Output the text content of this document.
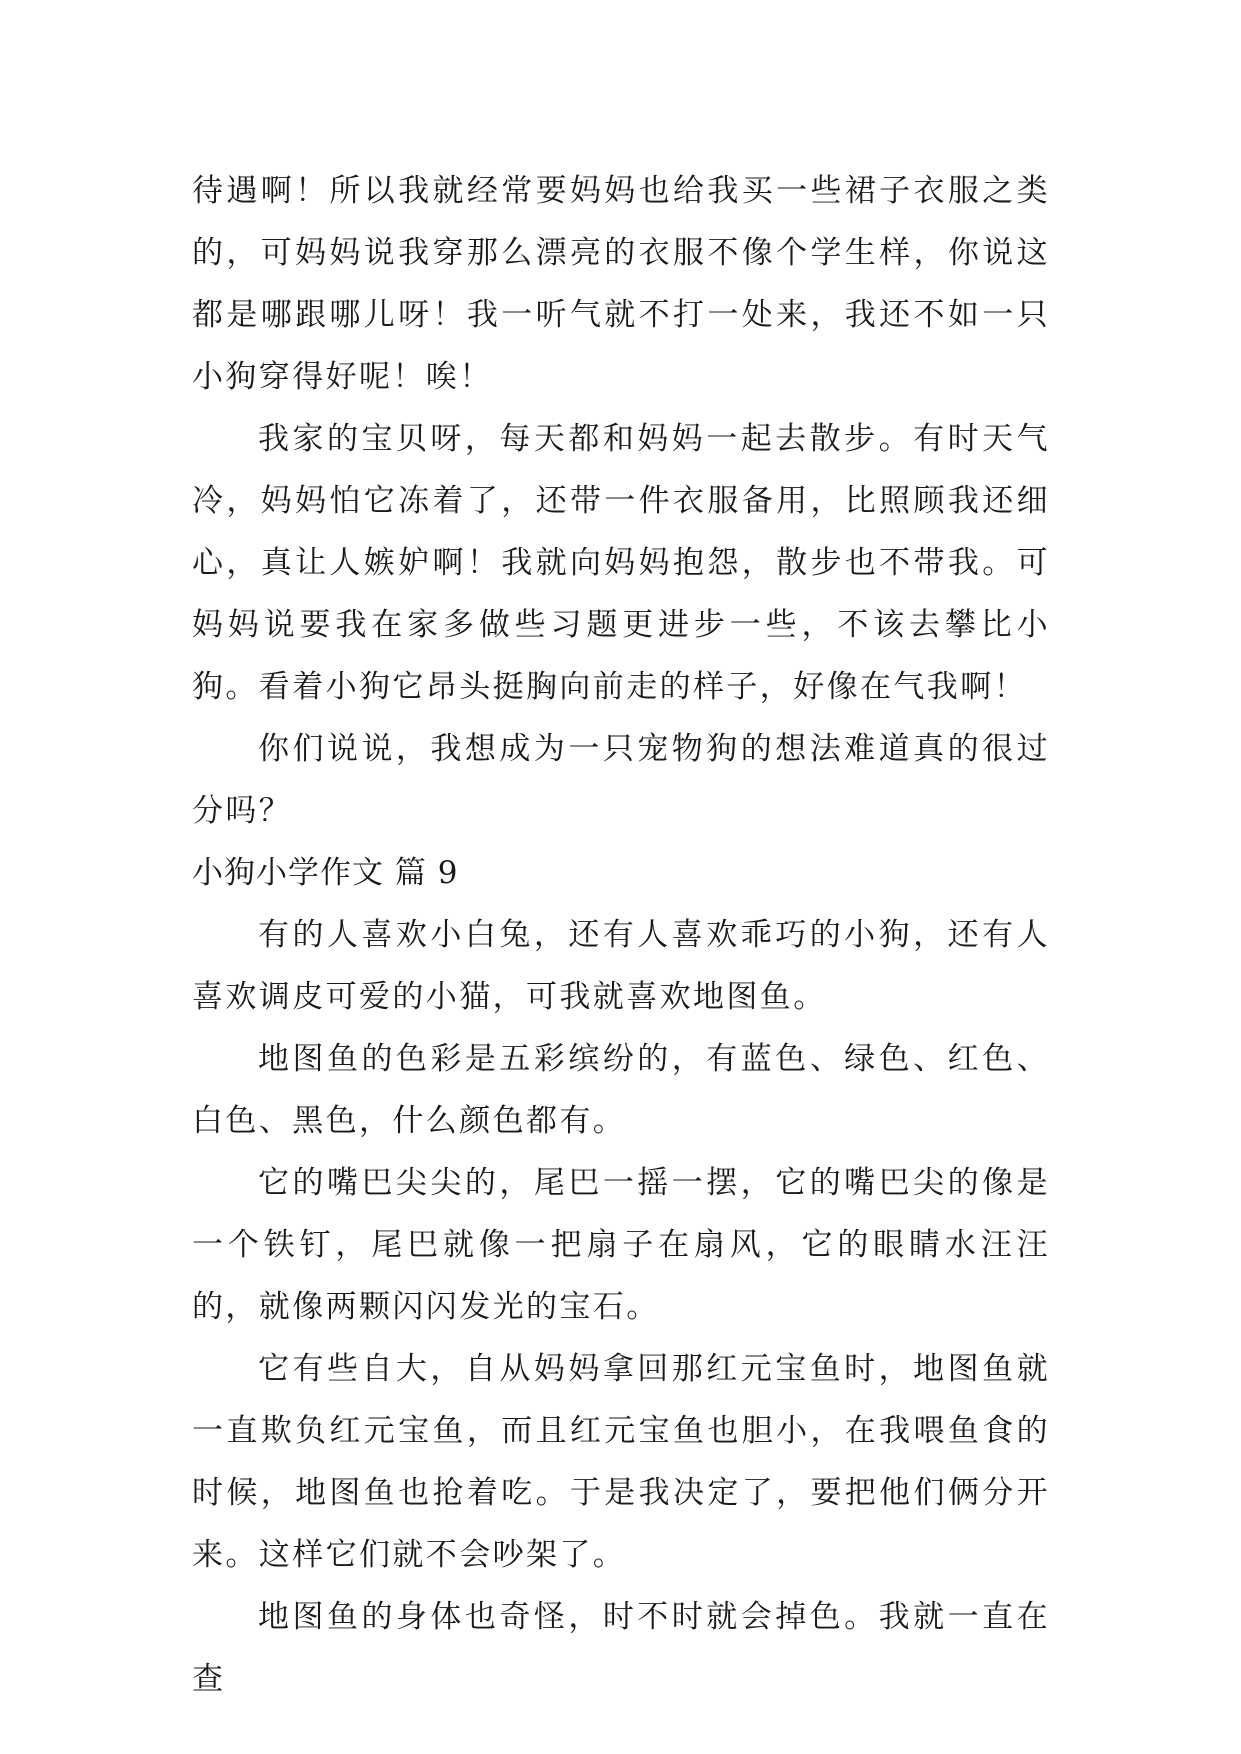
待遇啊！所以我就经常要妈妈也给我买一些裙子衣服之类的，可妈妈说我穿那么漂亮的衣服不像个学生样，你说这都是哪跟哪儿呀！我一听气就不打一处来，我还不如一只小狗穿得好呢！唉！

我家的宝贝呀，每天都和妈妈一起去散步。有时天气冷，妈妈怕它冻着了，还带一件衣服备用，比照顾我还细心，真让人嫉妒啊！我就向妈妈抱怨，散步也不带我。可妈妈说要我在家多做些习题更进步一些，不该去攀比小狗。看着小狗它昂头挺胸向前走的样子，好像在气我啊！

你们说说，我想成为一只宠物狗的想法难道真的很过分吗？

小狗小学作文 篇 9

有的人喜欢小白兔，还有人喜欢乖巧的小狗，还有人喜欢调皮可爱的小猫，可我就喜欢地图鱼。

地图鱼的色彩是五彩缤纷的，有蓝色、绿色、红色、白色、黑色，什么颜色都有。

它的嘴巴尖尖的，尾巴一摇一摆，它的嘴巴尖的像是一个铁钉，尾巴就像一把扇子在扇风，它的眼睛水汪汪的，就像两颗闪闪发光的宝石。

它有些自大，自从妈妈拿回那红元宝鱼时，地图鱼就一直欺负红元宝鱼，而且红元宝鱼也胆小，在我喂鱼食的时候，地图鱼也抢着吃。于是我决定了，要把他们俩分开来。这样它们就不会吵架了。

地图鱼的身体也奇怪，时不时就会掉色。我就一直在查
